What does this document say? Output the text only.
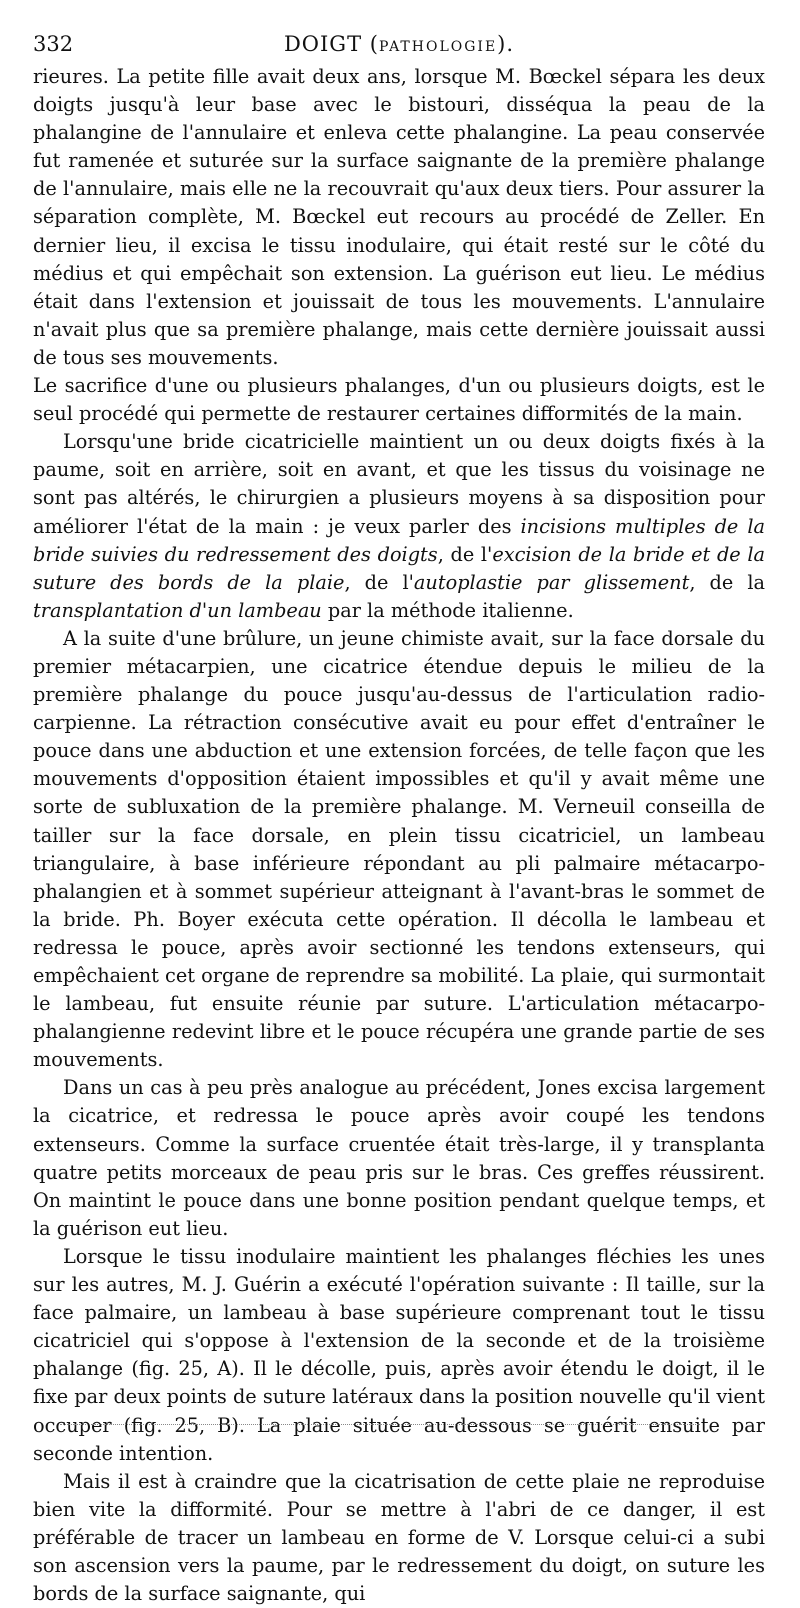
332	DOIGT (PATHOLOGIE).

rieures. La petite fille avait deux ans, lorsque M. Bœckel sépara les deux doigts jusqu'à leur base avec le bistouri, disséqua la peau de la phalangine de l'annulaire et enleva cette phalangine. La peau conservée fut ramenée et suturée sur la surface saignante de la première phalange de l'annulaire, mais elle ne la recouvrait qu'aux deux tiers. Pour assurer la séparation complète, M. Bœckel eut recours au procédé de Zeller. En dernier lieu, il excisa le tissu inodulaire, qui était resté sur le côté du médius et qui empêchait son extension. La guérison eut lieu. Le médius était dans l'extension et jouissait de tous les mouvements. L'annulaire n'avait plus que sa première phalange, mais cette dernière jouissait aussi de tous ses mouvements.

Le sacrifice d'une ou plusieurs phalanges, d'un ou plusieurs doigts, est le seul procédé qui permette de restaurer certaines difformités de la main.

Lorsqu'une bride cicatricielle maintient un ou deux doigts fixés à la paume, soit en arrière, soit en avant, et que les tissus du voisinage ne sont pas altérés, le chirurgien a plusieurs moyens à sa disposition pour améliorer l'état de la main : je veux parler des incisions multiples de la bride suivies du redressement des doigts, de l'excision de la bride et de la suture des bords de la plaie, de l'autoplastie par glissement, de la transplantation d'un lambeau par la méthode italienne.

A la suite d'une brûlure, un jeune chimiste avait, sur la face dorsale du premier métacarpien, une cicatrice étendue depuis le milieu de la première phalange du pouce jusqu'au-dessus de l'articulation radio-carpienne. La rétraction consécutive avait eu pour effet d'entraîner le pouce dans une abduction et une extension forcées, de telle façon que les mouvements d'opposition étaient impossibles et qu'il y avait même une sorte de subluxation de la première phalange. M. Verneuil conseilla de tailler sur la face dorsale, en plein tissu cicatriciel, un lambeau triangulaire, à base inférieure répondant au pli palmaire métacarpo-phalangien et à sommet supérieur atteignant à l'avant-bras le sommet de la bride. Ph. Boyer exécuta cette opération. Il décolla le lambeau et redressa le pouce, après avoir sectionné les tendons extenseurs, qui empêchaient cet organe de reprendre sa mobilité. La plaie, qui surmontait le lambeau, fut ensuite réunie par suture. L'articulation métacarpo-phalangienne redevint libre et le pouce récupéra une grande partie de ses mouvements.

Dans un cas à peu près analogue au précédent, Jones excisa largement la cicatrice, et redressa le pouce après avoir coupé les tendons extenseurs. Comme la surface cruentée était très-large, il y transplanta quatre petits morceaux de peau pris sur le bras. Ces greffes réussirent. On maintint le pouce dans une bonne position pendant quelque temps, et la guérison eut lieu.

Lorsque le tissu inodulaire maintient les phalanges fléchies les unes sur les autres, M. J. Guérin a exécuté l'opération suivante : Il taille, sur la face palmaire, un lambeau à base supérieure comprenant tout le tissu cicatriciel qui s'oppose à l'extension de la seconde et de la troisième phalange (fig. 25, A). Il le décolle, puis, après avoir étendu le doigt, il le fixe par deux points de suture latéraux dans la position nouvelle qu'il vient occuper (fig. 25, B). La plaie située au-dessous se guérit ensuite par seconde intention.

Mais il est à craindre que la cicatrisation de cette plaie ne reproduise bien vite la difformité. Pour se mettre à l'abri de ce danger, il est préférable de tracer un lambeau en forme de V. Lorsque celui-ci a subi son ascension vers la paume, par le redressement du doigt, on suture les bords de la surface saignante, qui
